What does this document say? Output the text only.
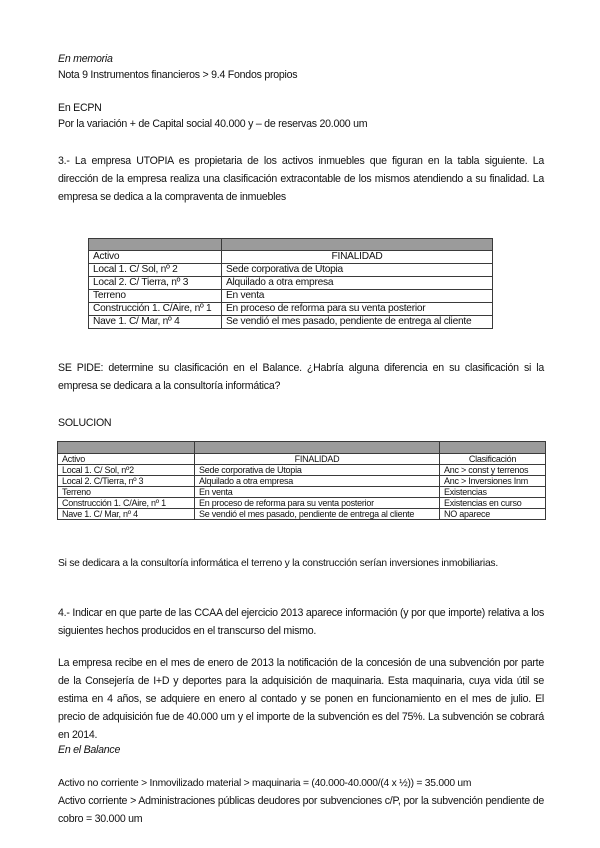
En memoria

Nota 9 Instrumentos financieros > 9.4 Fondos propios

En ECPN

Por la variación + de Capital social 40.000 y – de reservas 20.000 um

3.- La empresa UTOPIA es propietaria de los activos inmuebles que figuran en la tabla siguiente. La dirección de la empresa realiza una clasificación extracontable de los mismos atendiendo a su finalidad. La empresa se dedica a la compraventa de inmuebles

Activo	FINALIDAD
Local 1. C/ Sol, nº 2	Sede corporativa de Utopia
Local 2. C/ Tierra, nº 3	Alquilado a otra empresa
Terreno	En venta
Construcción 1. C/Aire, nº 1	En proceso de reforma para su venta posterior
Nave 1. C/ Mar, nº 4	Se vendió el mes pasado, pendiente de entrega al cliente

SE PIDE: determine su clasificación en el Balance. ¿Habría alguna diferencia en su clasificación si la empresa se dedicara a la consultoría informática?

SOLUCION

Activo	FINALIDAD	Clasificación
Local 1. C/ Sol, nº2	Sede corporativa de Utopia	Anc > const y terrenos
Local 2. C/Tierra, nº 3	Alquilado a otra empresa	Anc > Inversiones Inm
Terreno	En venta	Existencias
Construcción 1. C/Aire, nº 1	En proceso de reforma para su venta posterior	Existencias en curso
Nave 1. C/ Mar, nº 4	Se vendió el mes pasado, pendiente de entrega al cliente	NO aparece

Si se dedicara a la consultoría informática el terreno y la construcción serían inversiones inmobiliarias.

4.- Indicar en que parte de las CCAA del ejercicio 2013 aparece información (y por que importe) relativa a los siguientes hechos producidos en el transcurso del mismo.

La empresa recibe en el mes de enero de 2013 la notificación de la concesión de una subvención por parte de la Consejería de I+D y deportes para la adquisición de maquinaria. Esta maquinaria, cuya vida útil se estima en 4 años, se adquiere en enero al contado y se ponen en funcionamiento en el mes de julio. El precio de adquisición fue de 40.000 um y el importe de la subvención es del 75%. La subvención se cobrará en 2014.

En el Balance

Activo no corriente > Inmovilizado material > maquinaria = (40.000-40.000/(4 x ½)) = 35.000 um

Activo corriente > Administraciones públicas deudores por subvenciones c/P, por la subvención pendiente de cobro = 30.000 um
